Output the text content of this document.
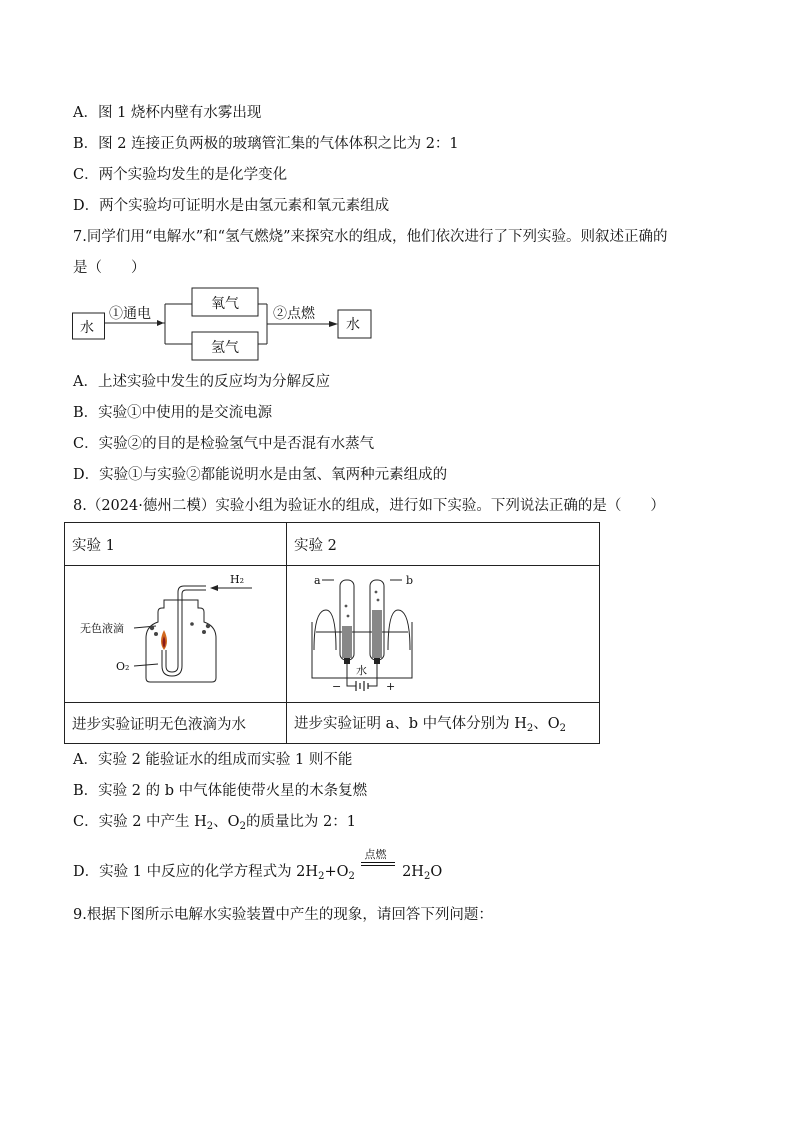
A．图 1 烧杯内壁有水雾出现
B．图 2 连接正负两极的玻璃管汇集的气体体积之比为 2：1
C．两个实验均发生的是化学变化
D．两个实验均可证明水是由氢元素和氧元素组成
7.同学们用“电解水”和“氢气燃烧”来探究水的组成，他们依次进行了下列实验。则叙述正确的
是（　　）
水
①通电
氧气
氢气
②点燃
水
A．上述实验中发生的反应均为分解反应
B．实验①中使用的是交流电源
C．实验②的目的是检验氢气中是否混有水蒸气
D．实验①与实验②都能说明水是由氢、氧两种元素组成的
8.（2024·德州二模）实验小组为验证水的组成，进行如下实验。下列说法正确的是（　　）
实验 1	实验 2

H₂
无色液滴
O₂	a b
水
− +

进步实验证明无色液滴为水	进步实验证明 a、b 中气体分别为 $H_2$、$O_2$
A．实验 2 能验证水的组成而实验 1 则不能
B．实验 2 的 b 中气体能使带火星的木条复燃
C．实验 2 中产生 $H_2$、$O_2$的质量比为 2：1
D．实验 1 中反应的化学方程式为 $2H_2+O_2$
点燃
$2H_2O$
9.根据下图所示电解水实验装置中产生的现象，请回答下列问题：
